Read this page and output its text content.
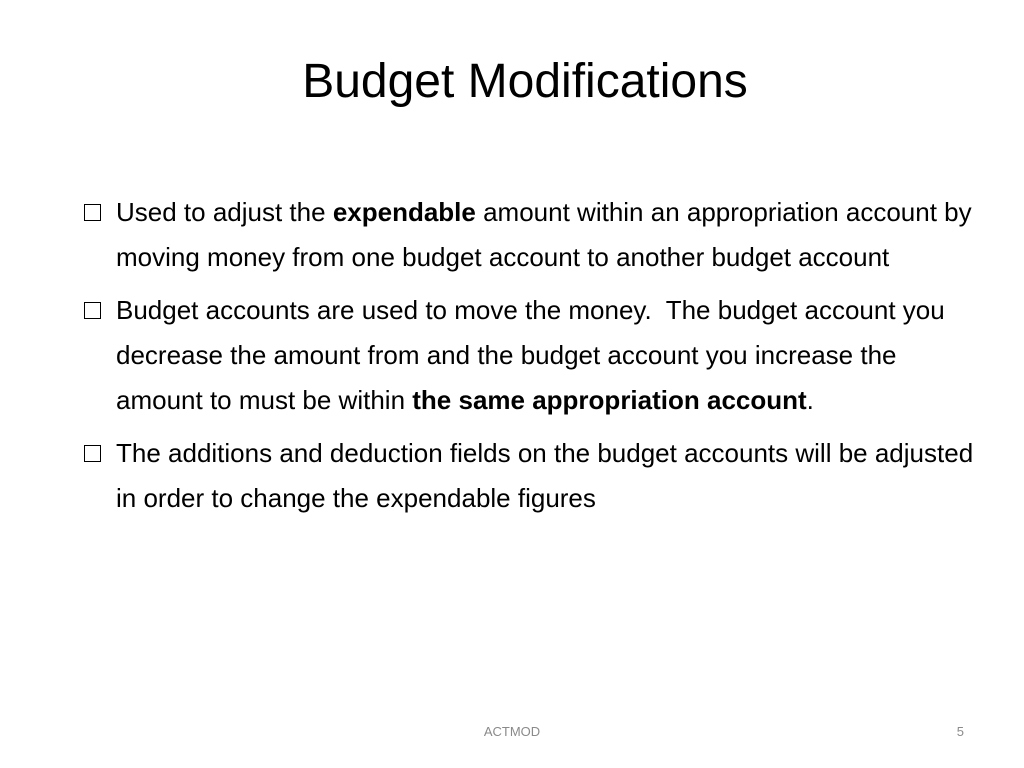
Budget Modifications
Used to adjust the expendable amount within an appropriation account by moving money from one budget account to another budget account
Budget accounts are used to move the money.  The budget account you decrease the amount from and the budget account you increase the amount to must be within the same appropriation account.
The additions and deduction fields on the budget accounts will be adjusted in order to change the expendable figures
ACTMOD	5
